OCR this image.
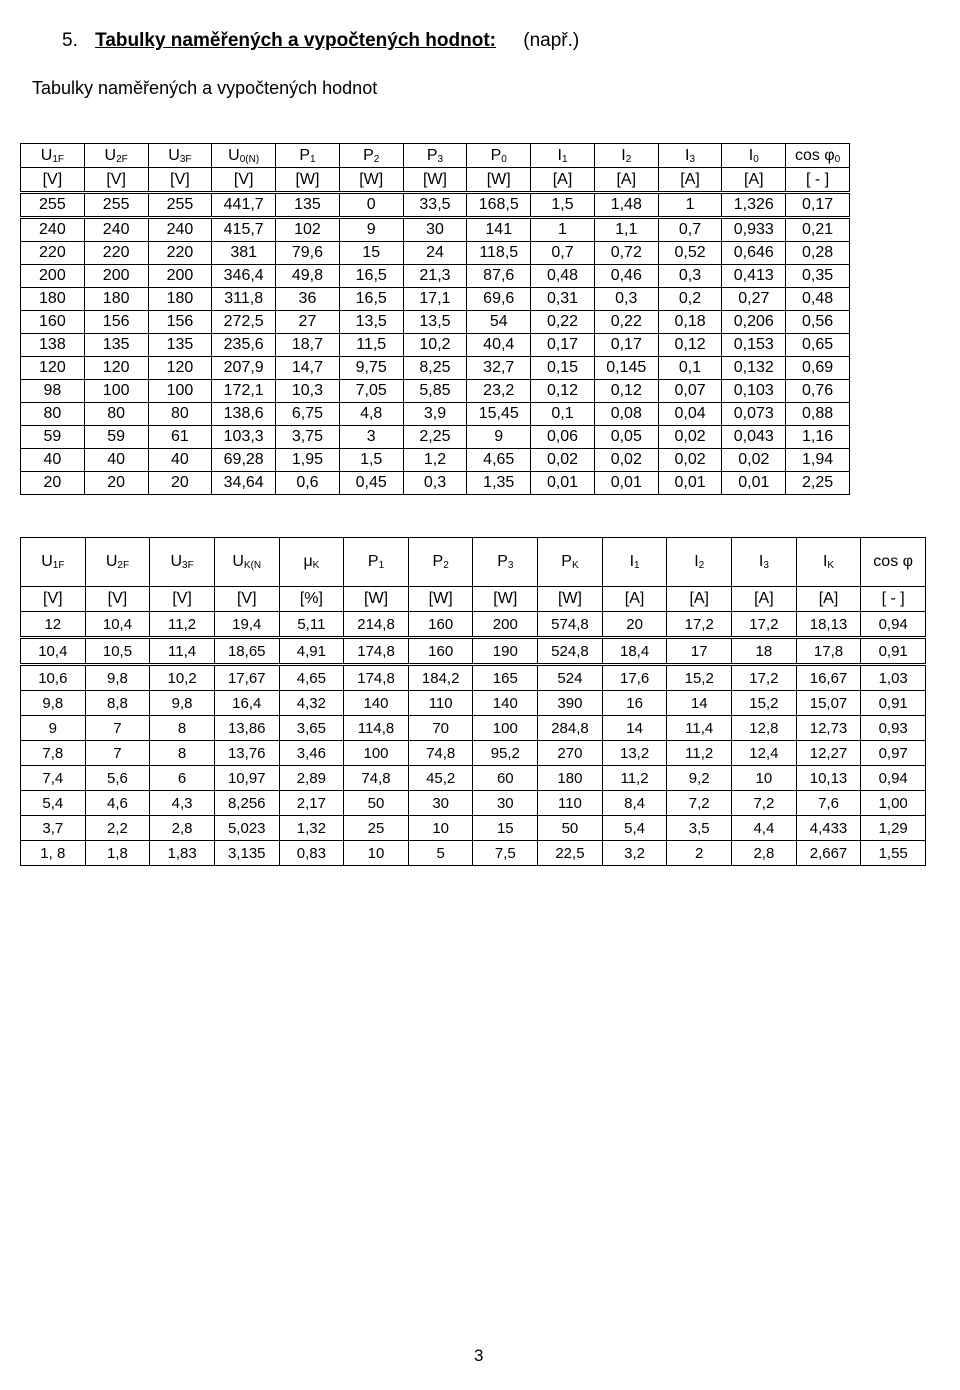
5. Tabulky naměřených a vypočtených hodnot: (např.)
Tabulky naměřených a vypočtených hodnot
$U_{1F}$	$U_{2F}$	$U_{3F}$	$U_{0(N)}$	$P_1$	$P_2$	$P_3$	$P_0$	$I_1$	$I_2$	$I_3$	$I_0$	$\cos \varphi_0$
[V]	[V]	[V]	[V]	[W]	[W]	[W]	[W]	[A]	[A]	[A]	[A]	[ - ]
255	255	255	441,7	135	0	33,5	168,5	1,5	1,48	1	1,326	0,17
240	240	240	415,7	102	9	30	141	1	1,1	0,7	0,933	0,21
220	220	220	381	79,6	15	24	118,5	0,7	0,72	0,52	0,646	0,28
200	200	200	346,4	49,8	16,5	21,3	87,6	0,48	0,46	0,3	0,413	0,35
180	180	180	311,8	36	16,5	17,1	69,6	0,31	0,3	0,2	0,27	0,48
160	156	156	272,5	27	13,5	13,5	54	0,22	0,22	0,18	0,206	0,56
138	135	135	235,6	18,7	11,5	10,2	40,4	0,17	0,17	0,12	0,153	0,65
120	120	120	207,9	14,7	9,75	8,25	32,7	0,15	0,145	0,1	0,132	0,69
98	100	100	172,1	10,3	7,05	5,85	23,2	0,12	0,12	0,07	0,103	0,76
80	80	80	138,6	6,75	4,8	3,9	15,45	0,1	0,08	0,04	0,073	0,88
59	59	61	103,3	3,75	3	2,25	9	0,06	0,05	0,02	0,043	1,16
40	40	40	69,28	1,95	1,5	1,2	4,65	0,02	0,02	0,02	0,02	1,94
20	20	20	34,64	0,6	0,45	0,3	1,35	0,01	0,01	0,01	0,01	2,25
$U_{1F}$	$U_{2F}$	$U_{3F}$	$U_{K(N}$	$\mu_K$	$P_1$	$P_2$	$P_3$	$P_K$	$I_1$	$I_2$	$I_3$	$I_K$	cos φ
[V]	[V]	[V]	[V]	[%]	[W]	[W]	[W]	[W]	[A]	[A]	[A]	[A]	[ - ]
12	10,4	11,2	19,4	5,11	214,8	160	200	574,8	20	17,2	17,2	18,13	0,94
10,4	10,5	11,4	18,65	4,91	174,8	160	190	524,8	18,4	17	18	17,8	0,91
10,6	9,8	10,2	17,67	4,65	174,8	184,2	165	524	17,6	15,2	17,2	16,67	1,03
9,8	8,8	9,8	16,4	4,32	140	110	140	390	16	14	15,2	15,07	0,91
9	7	8	13,86	3,65	114,8	70	100	284,8	14	11,4	12,8	12,73	0,93
7,8	7	8	13,76	3,46	100	74,8	95,2	270	13,2	11,2	12,4	12,27	0,97
7,4	5,6	6	10,97	2,89	74,8	45,2	60	180	11,2	9,2	10	10,13	0,94
5,4	4,6	4,3	8,256	2,17	50	30	30	110	8,4	7,2	7,2	7,6	1,00
3,7	2,2	2,8	5,023	1,32	25	10	15	50	5,4	3,5	4,4	4,433	1,29
1, 8	1,8	1,83	3,135	0,83	10	5	7,5	22,5	3,2	2	2,8	2,667	1,55
3
